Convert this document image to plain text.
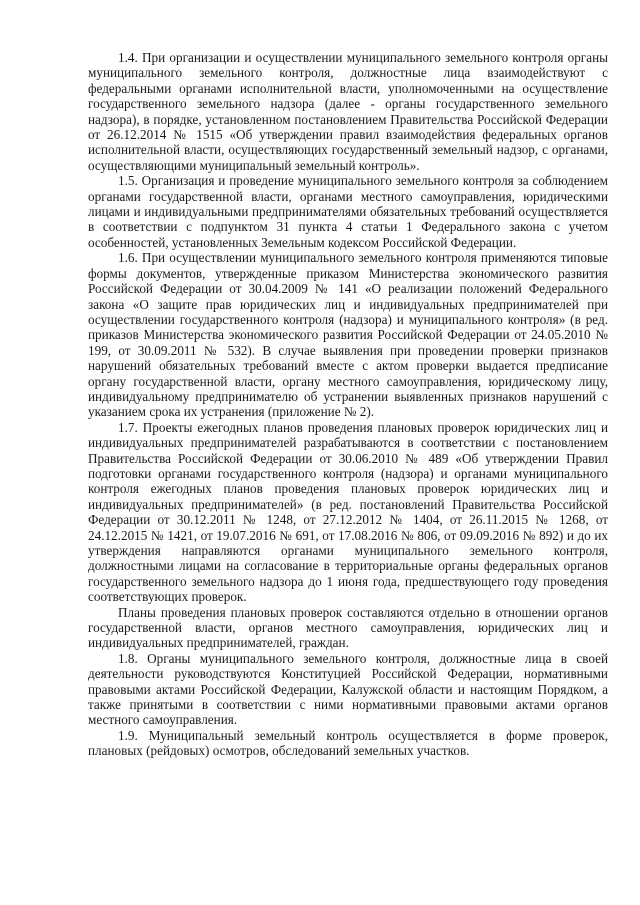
1.4. При организации и осуществлении муниципального земельного контроля органы муниципального земельного контроля, должностные лица взаимодействуют с федеральными органами исполнительной власти, уполномоченными на осуществление государственного земельного надзора (далее - органы государственного земельного надзора), в порядке, установленном постановлением Правительства Российской Федерации от 26.12.2014 № 1515 «Об утверждении правил взаимодействия федеральных органов исполнительной власти, осуществляющих государственный земельный надзор, с органами, осуществляющими муниципальный земельный контроль».

1.5. Организация и проведение муниципального земельного контроля за соблюдением органами государственной власти, органами местного самоуправления, юридическими лицами и индивидуальными предпринимателями обязательных требований осуществляется в соответствии с подпунктом 31 пункта 4 статьи 1 Федерального закона с учетом особенностей, установленных Земельным кодексом Российской Федерации.

1.6. При осуществлении муниципального земельного контроля применяются типовые формы документов, утвержденные приказом Министерства экономического развития Российской Федерации от 30.04.2009 № 141 «О реализации положений Федерального закона «О защите прав юридических лиц и индивидуальных предпринимателей при осуществлении государственного контроля (надзора) и муниципального контроля» (в ред. приказов Министерства экономического развития Российской Федерации от 24.05.2010 № 199, от 30.09.2011 № 532). В случае выявления при проведении проверки признаков нарушений обязательных требований вместе с актом проверки выдается предписание органу государственной власти, органу местного самоуправления, юридическому лицу, индивидуальному предпринимателю об устранении выявленных признаков нарушений с указанием срока их устранения (приложение № 2).

1.7. Проекты ежегодных планов проведения плановых проверок юридических лиц и индивидуальных предпринимателей разрабатываются в соответствии с постановлением Правительства Российской Федерации от 30.06.2010 № 489 «Об утверждении Правил подготовки органами государственного контроля (надзора) и органами муниципального контроля ежегодных планов проведения плановых проверок юридических лиц и индивидуальных предпринимателей» (в ред. постановлений Правительства Российской Федерации от 30.12.2011 № 1248, от 27.12.2012 № 1404, от 26.11.2015 № 1268, от 24.12.2015 № 1421, от 19.07.2016 № 691, от 17.08.2016 № 806, от 09.09.2016 № 892) и до их утверждения направляются органами муниципального земельного контроля, должностными лицами на согласование в территориальные органы федеральных органов государственного земельного надзора до 1 июня года, предшествующего году проведения соответствующих проверок.

Планы проведения плановых проверок составляются отдельно в отношении органов государственной власти, органов местного самоуправления, юридических лиц и индивидуальных предпринимателей, граждан.

1.8. Органы муниципального земельного контроля, должностные лица в своей деятельности руководствуются Конституцией Российской Федерации, нормативными правовыми актами Российской Федерации, Калужской области и настоящим Порядком, а также принятыми в соответствии с ними нормативными правовыми актами органов местного самоуправления.

1.9. Муниципальный земельный контроль осуществляется в форме проверок, плановых (рейдовых) осмотров, обследований земельных участков.
